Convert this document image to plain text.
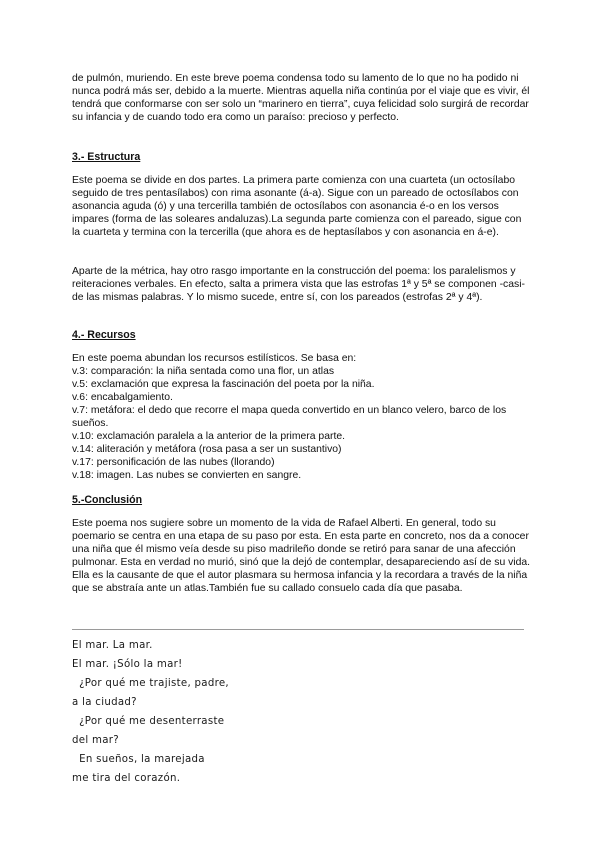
de pulmón, muriendo. En este breve poema condensa todo su lamento de lo que no ha podido ni nunca podrá más ser, debido a la muerte. Mientras aquella niña continúa por el viaje que es vivir, él tendrá que conformarse con ser solo un “marinero en tierra”, cuya felicidad solo surgirá de recordar su infancia y de cuando todo era como un paraíso: precioso y perfecto.

3.- Estructura

Este poema se divide en dos partes. La primera parte comienza con una cuarteta (un octosílabo seguido de tres pentasílabos) con rima asonante (á-a). Sigue con un pareado de octosílabos con asonancia aguda (ó) y una tercerilla también de octosílabos con asonancia é-o en los versos impares (forma de las soleares andaluzas).La segunda parte comienza con el pareado, sigue con la cuarteta y termina con la tercerilla (que ahora es de heptasílabos y con asonancia en á-e).

Aparte de la métrica, hay otro rasgo importante en la construcción del poema: los paralelismos y reiteraciones verbales. En efecto, salta a primera vista que las estrofas 1ª y 5ª se componen -casi-de las mismas palabras. Y lo mismo sucede, entre sí, con los pareados (estrofas 2ª y 4ª).

4.- Recursos

En este poema abundan los recursos estilísticos. Se basa en:

v.3: comparación: la niña sentada como una flor, un atlas
v.5: exclamación que expresa la fascinación del poeta por la niña.
v.6: encabalgamiento.
v.7: metáfora: el dedo que recorre el mapa queda convertido en un blanco velero, barco de los sueños.
v.10: exclamación paralela a la anterior de la primera parte.
v.14: aliteración y metáfora (rosa pasa a ser un sustantivo)
v.17: personificación de las nubes (llorando)
v.18: imagen. Las nubes se convierten en sangre.
5.-Conclusión

Este poema nos sugiere sobre un momento de la vida de Rafael Alberti. En general, todo su poemario se centra en una etapa de su paso por esta. En esta parte en concreto, nos da a conocer una niña que él mismo veía desde su piso madrileño donde se retiró para sanar de una afección pulmonar. Esta en verdad no murió, sinó que la dejó de contemplar, desapareciendo así de su vida. Ella es la causante de que el autor plasmara su hermosa infancia y la recordara a través de la niña que se abstraía ante un atlas.También fue su callado consuelo cada día que pasaba.

El mar. La mar.
El mar. ¡Sólo la mar!
¿Por qué me trajiste, padre,
a la ciudad?
¿Por qué me desenterraste
del mar?
En sueños, la marejada
me tira del corazón.
